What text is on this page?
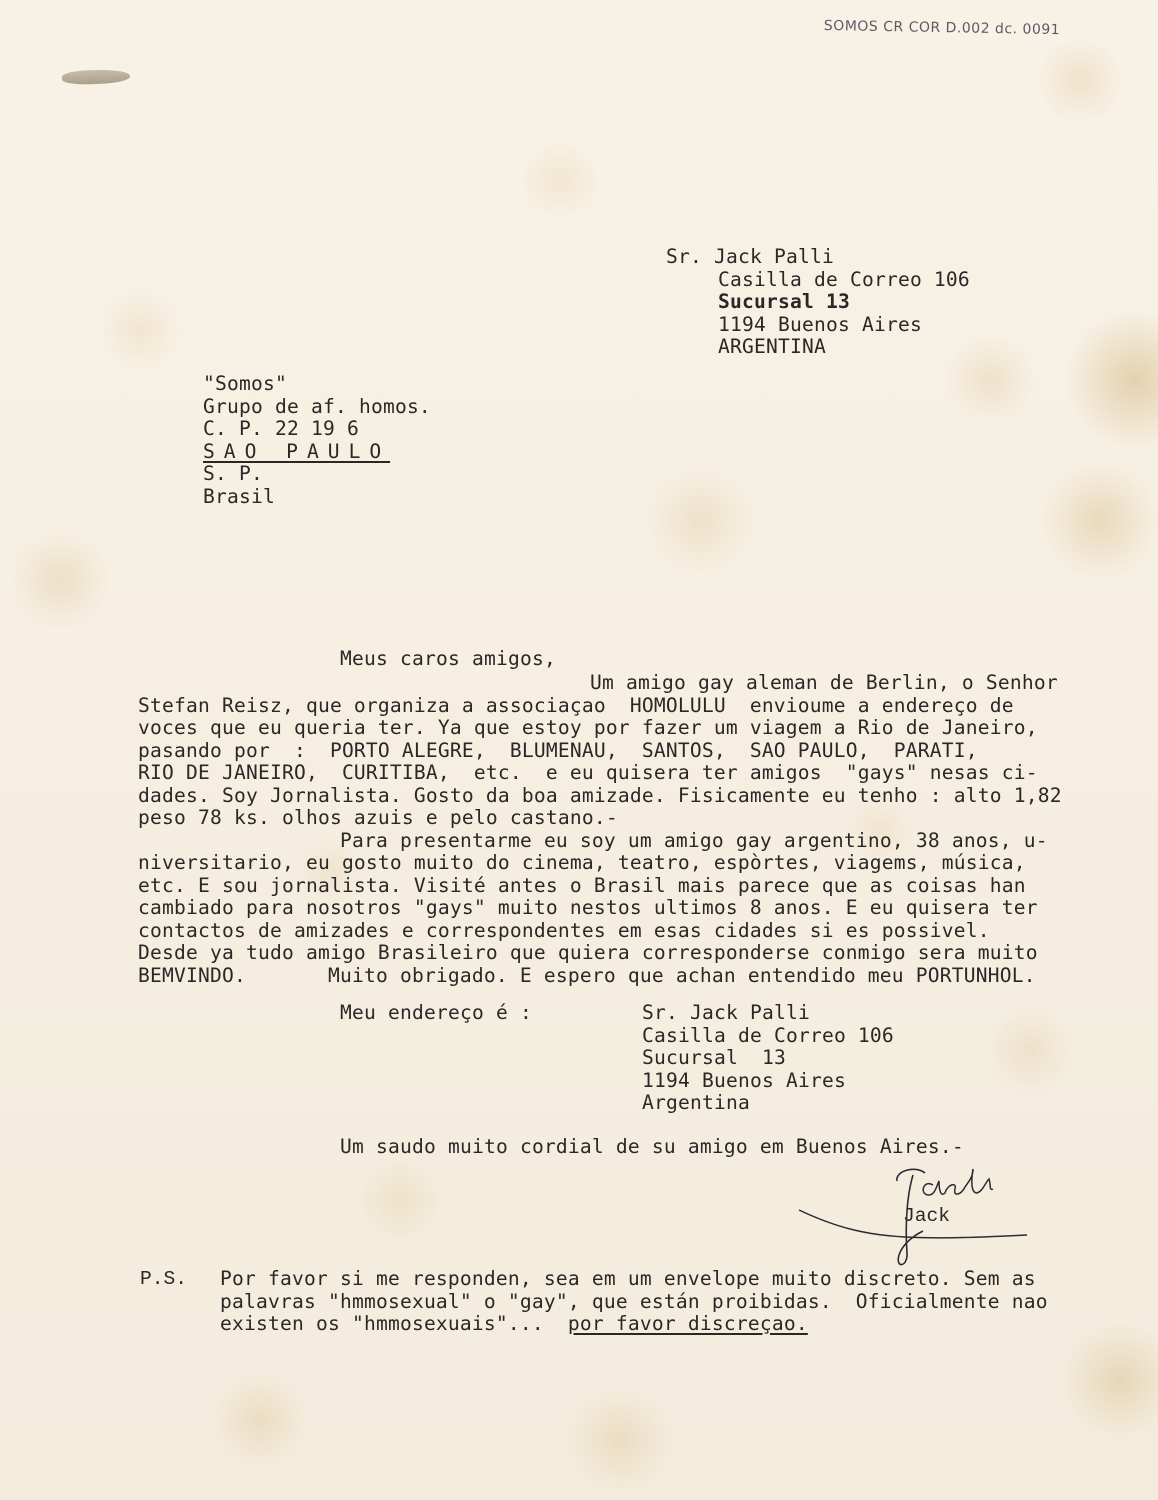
SOMOS CR COR D.002 dc. 0091
Sr. Jack Palli
Casilla de Correo 106
Sucursal 13
1194 Buenos Aires
ARGENTINA
"Somos"
Grupo de af. homos.
C. P. 22 19 6
SAO PAULO
S. P.
Brasil
Meus caros amigos,
Um amigo gay aleman de Berlin, o Senhor
Stefan Reisz, que organiza a associaçao  HOMOLULU  envioume a endereço de
voces que eu queria ter. Ya que estoy por fazer um viagem a Rio de Janeiro,
pasando por  :  PORTO ALEGRE,  BLUMENAU,  SANTOS,  SAO PAULO,  PARATI,
RIO DE JANEIRO,  CURITIBA,  etc.  e eu quisera ter amigos  "gays" nesas ci-
dades. Soy Jornalista. Gosto da boa amizade. Fisicamente eu tenho : alto 1,82
peso 78 ks. olhos azuis e pelo castano.-
Para presentarme eu soy um amigo gay argentino, 38 anos, u-
niversitario, eu gosto muito do cinema, teatro, espòrtes, viagems, música,
etc. E sou jornalista. Visité antes o Brasil mais parece que as coisas han
cambiado para nosotros "gays" muito nestos ultimos 8 anos. E eu quisera ter
contactos de amizades e correspondentes em esas cidades si es possivel.
Desde ya tudo amigo Brasileiro que quiera corresponderse conmigo sera muito
BEMVINDO.	Muito obrigado. E espero que achan entendido meu PORTUNHOL.
Meu endereço é :	Sr. Jack Palli
Casilla de Correo 106
Sucursal  13
1194 Buenos Aires
Argentina
Um saudo muito cordial de su amigo em Buenos Aires.-
Jack
P.S. Por favor si me responden, sea em um envelope muito discreto. Sem as
palavras "hmmosexual" o "gay", que están proibidas.  Oficialmente nao
existen os "hmmosexuais"... por favor discreçao.
